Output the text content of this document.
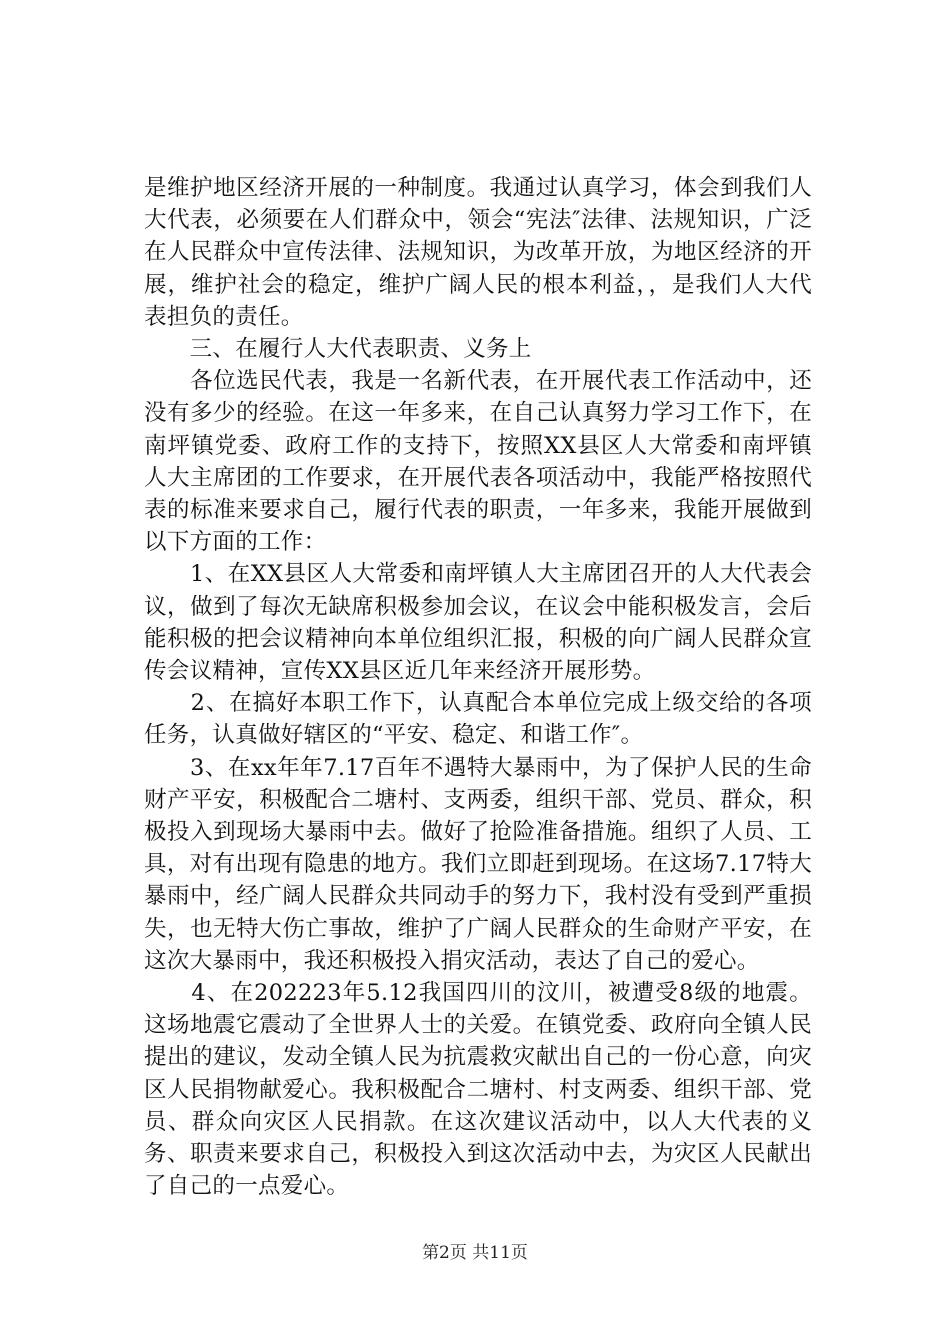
是维护地区经济开展的一种制度。我通过认真学习，体会到我们人大代表，必须要在人们群众中，领会“宪法″法律、法规知识，广泛在人民群众中宣传法律、法规知识，为改革开放，为地区经济的开展，维护社会的稳定，维护广阔人民的根本利益，，是我们人大代表担负的责任。

　　三、在履行人大代表职责、义务上

　　各位选民代表，我是一名新代表，在开展代表工作活动中，还没有多少的经验。在这一年多来，在自己认真努力学习工作下，在南坪镇党委、政府工作的支持下，按照XX县区人大常委和南坪镇人大主席团的工作要求，在开展代表各项活动中，我能严格按照代表的标准来要求自己，履行代表的职责，一年多来，我能开展做到以下方面的工作：

　　1、在XX县区人大常委和南坪镇人大主席团召开的人大代表会议，做到了每次无缺席积极参加会议，在议会中能积极发言，会后能积极的把会议精神向本单位组织汇报，积极的向广阔人民群众宣传会议精神，宣传XX县区近几年来经济开展形势。

　　2、在搞好本职工作下，认真配合本单位完成上级交给的各项任务，认真做好辖区的“平安、稳定、和谐工作″。

　　3、在xx年年7.17百年不遇特大暴雨中，为了保护人民的生命财产平安，积极配合二塘村、支两委，组织干部、党员、群众，积极投入到现场大暴雨中去。做好了抢险准备措施。组织了人员、工具，对有出现有隐患的地方。我们立即赶到现场。在这场7.17特大暴雨中，经广阔人民群众共同动手的努力下，我村没有受到严重损失，也无特大伤亡事故，维护了广阔人民群众的生命财产平安，在这次大暴雨中，我还积极投入捐灾活动，表达了自己的爱心。

　　4、在202223年5.12我国四川的汶川，被遭受8级的地震。这场地震它震动了全世界人士的关爱。在镇党委、政府向全镇人民提出的建议，发动全镇人民为抗震救灾献出自己的一份心意，向灾区人民捐物献爱心。我积极配合二塘村、村支两委、组织干部、党员、群众向灾区人民捐款。在这次建议活动中，以人大代表的义务、职责来要求自己，积极投入到这次活动中去，为灾区人民献出了自己的一点爱心。

第2页 共11页
